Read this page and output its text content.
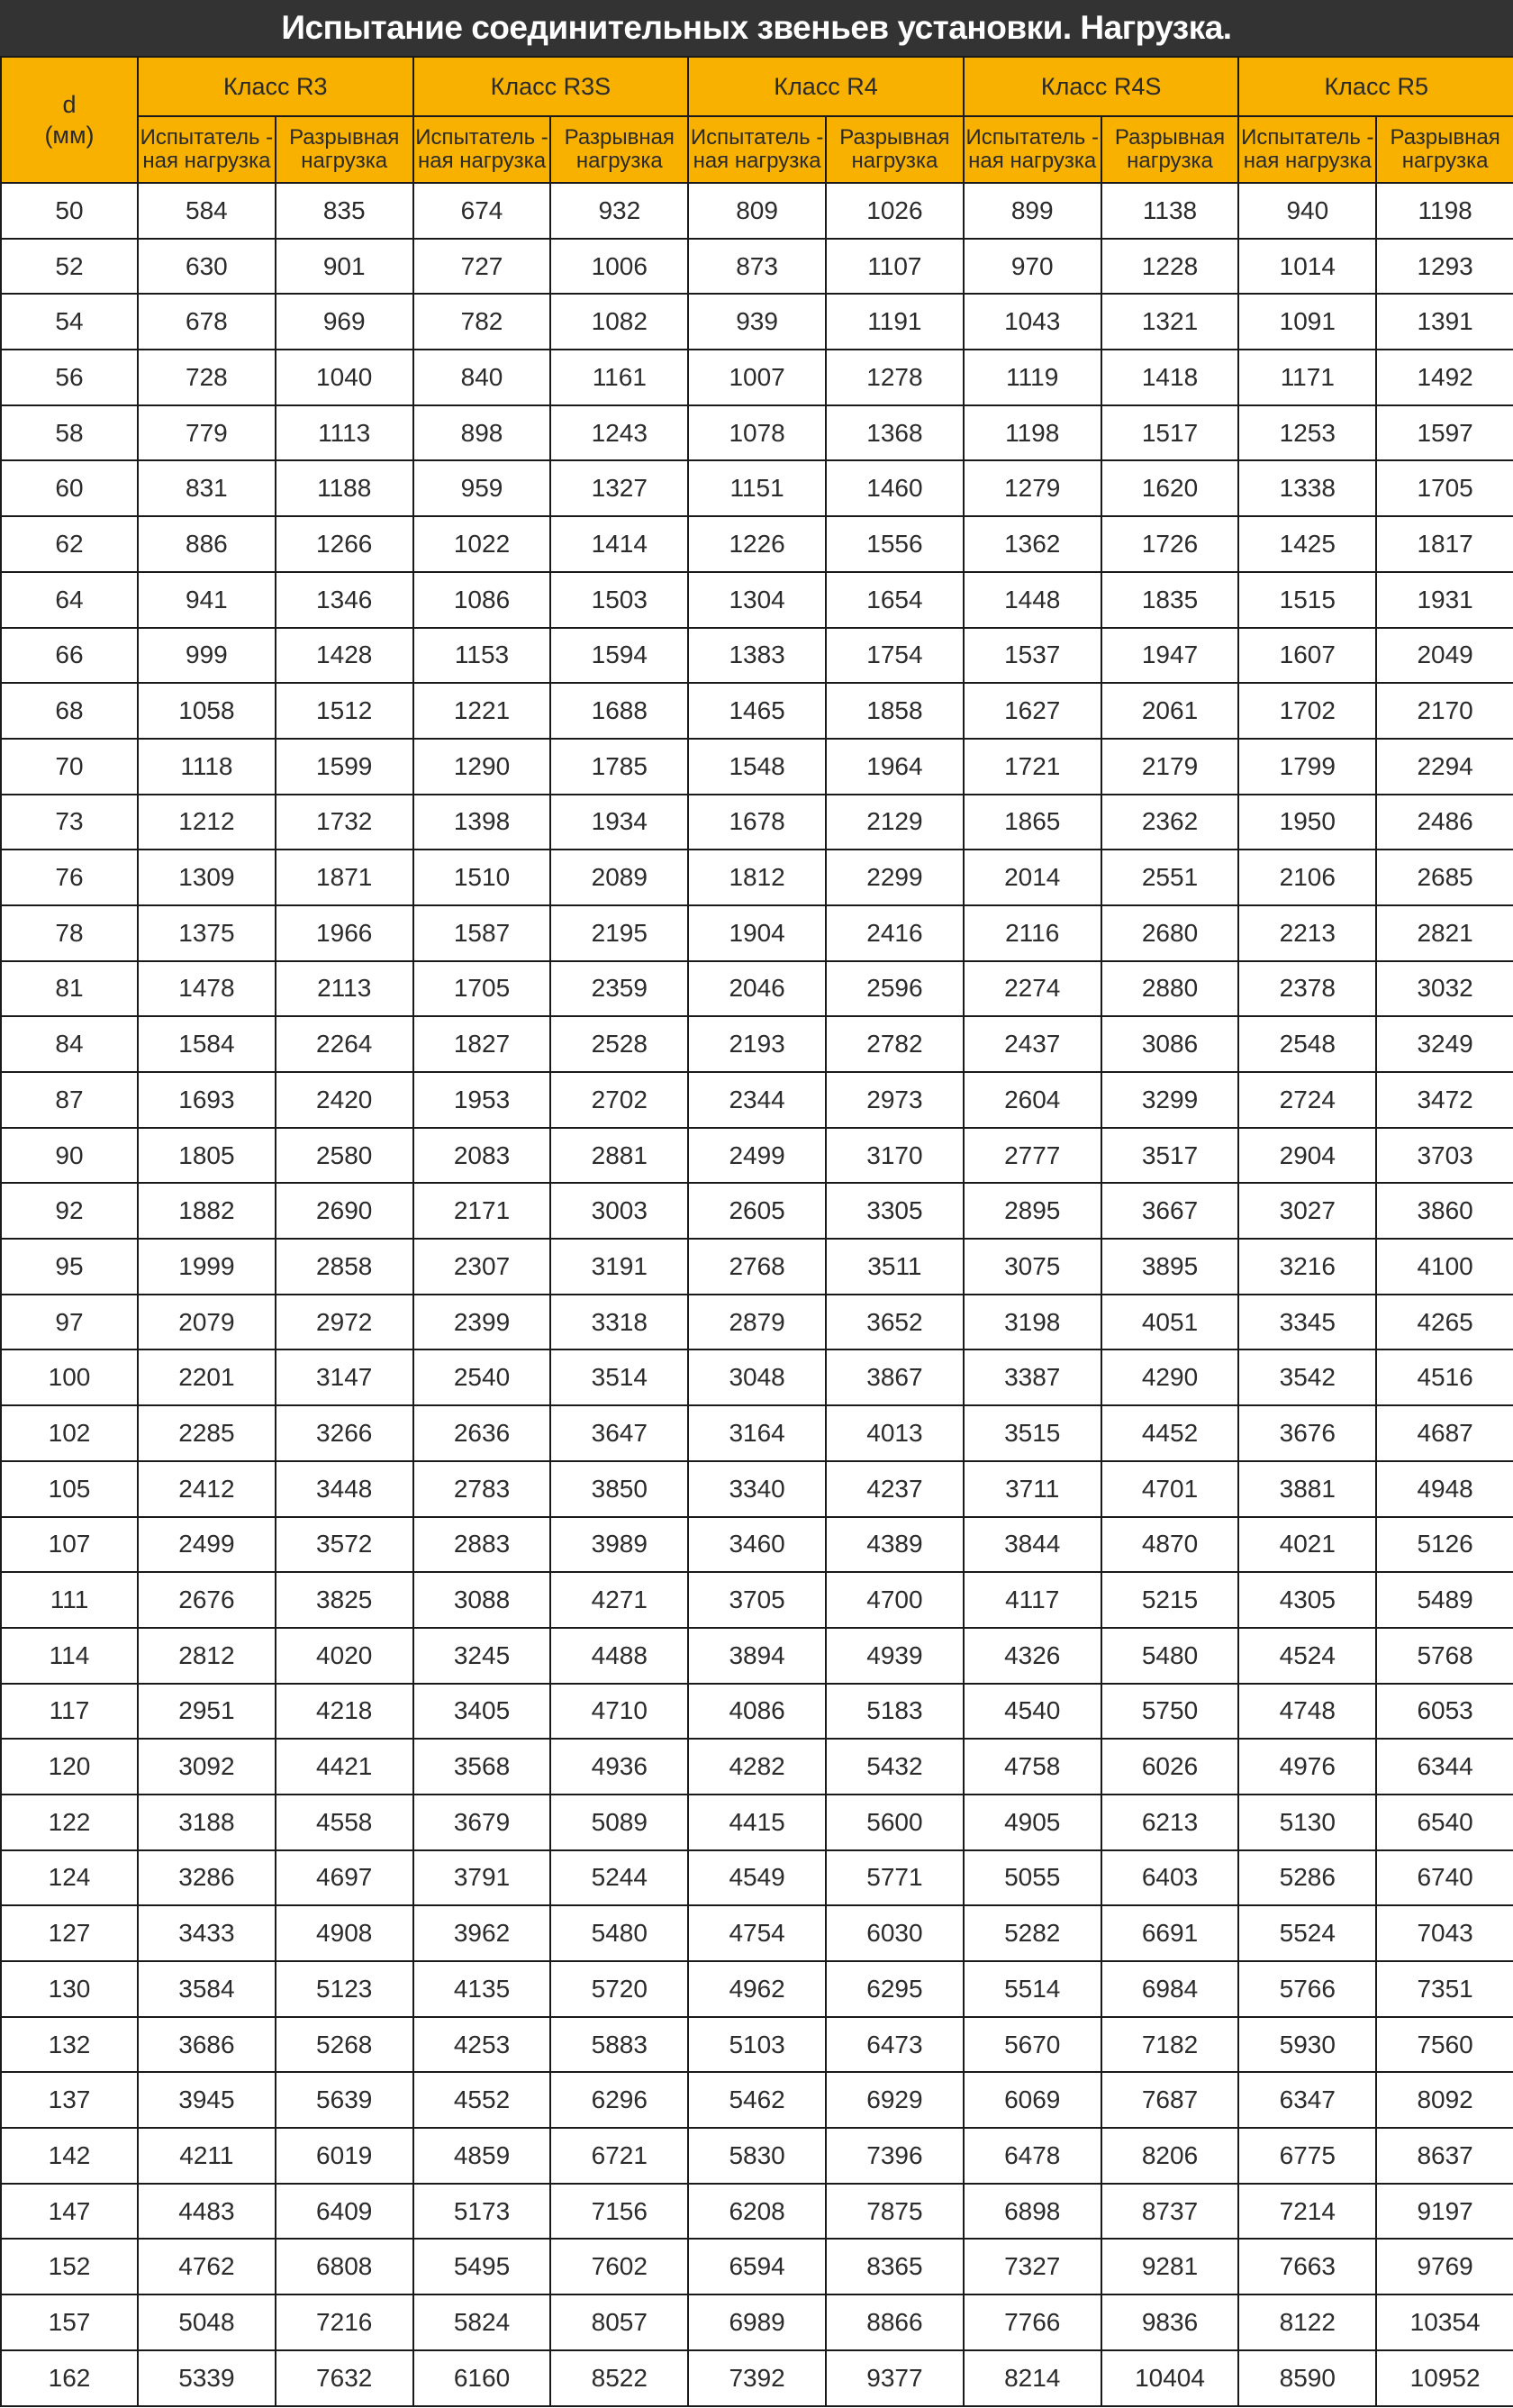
Испытание соединительных звеньев установки. Нагрузка.
d
(мм)	Класс R3		Класс R3S		Класс R4		Класс R4S		Класс R5	
	Испытатель -
ная нагрузка	Разрывная
нагрузка	Испытатель -
ная нагрузка	Разрывная
нагрузка	Испытатель -
ная нагрузка	Разрывная
нагрузка	Испытатель -
ная нагрузка	Разрывная
нагрузка	Испытатель -
ная нагрузка	Разрывная
нагрузка
50	584	835	674	932	809	1026	899	1138	940	1198
52	630	901	727	1006	873	1107	970	1228	1014	1293
54	678	969	782	1082	939	1191	1043	1321	1091	1391
56	728	1040	840	1161	1007	1278	1119	1418	1171	1492
58	779	1113	898	1243	1078	1368	1198	1517	1253	1597
60	831	1188	959	1327	1151	1460	1279	1620	1338	1705
62	886	1266	1022	1414	1226	1556	1362	1726	1425	1817
64	941	1346	1086	1503	1304	1654	1448	1835	1515	1931
66	999	1428	1153	1594	1383	1754	1537	1947	1607	2049
68	1058	1512	1221	1688	1465	1858	1627	2061	1702	2170
70	1118	1599	1290	1785	1548	1964	1721	2179	1799	2294
73	1212	1732	1398	1934	1678	2129	1865	2362	1950	2486
76	1309	1871	1510	2089	1812	2299	2014	2551	2106	2685
78	1375	1966	1587	2195	1904	2416	2116	2680	2213	2821
81	1478	2113	1705	2359	2046	2596	2274	2880	2378	3032
84	1584	2264	1827	2528	2193	2782	2437	3086	2548	3249
87	1693	2420	1953	2702	2344	2973	2604	3299	2724	3472
90	1805	2580	2083	2881	2499	3170	2777	3517	2904	3703
92	1882	2690	2171	3003	2605	3305	2895	3667	3027	3860
95	1999	2858	2307	3191	2768	3511	3075	3895	3216	4100
97	2079	2972	2399	3318	2879	3652	3198	4051	3345	4265
100	2201	3147	2540	3514	3048	3867	3387	4290	3542	4516
102	2285	3266	2636	3647	3164	4013	3515	4452	3676	4687
105	2412	3448	2783	3850	3340	4237	3711	4701	3881	4948
107	2499	3572	2883	3989	3460	4389	3844	4870	4021	5126
111	2676	3825	3088	4271	3705	4700	4117	5215	4305	5489
114	2812	4020	3245	4488	3894	4939	4326	5480	4524	5768
117	2951	4218	3405	4710	4086	5183	4540	5750	4748	6053
120	3092	4421	3568	4936	4282	5432	4758	6026	4976	6344
122	3188	4558	3679	5089	4415	5600	4905	6213	5130	6540
124	3286	4697	3791	5244	4549	5771	5055	6403	5286	6740
127	3433	4908	3962	5480	4754	6030	5282	6691	5524	7043
130	3584	5123	4135	5720	4962	6295	5514	6984	5766	7351
132	3686	5268	4253	5883	5103	6473	5670	7182	5930	7560
137	3945	5639	4552	6296	5462	6929	6069	7687	6347	8092
142	4211	6019	4859	6721	5830	7396	6478	8206	6775	8637
147	4483	6409	5173	7156	6208	7875	6898	8737	7214	9197
152	4762	6808	5495	7602	6594	8365	7327	9281	7663	9769
157	5048	7216	5824	8057	6989	8866	7766	9836	8122	10354
162	5339	7632	6160	8522	7392	9377	8214	10404	8590	10952
